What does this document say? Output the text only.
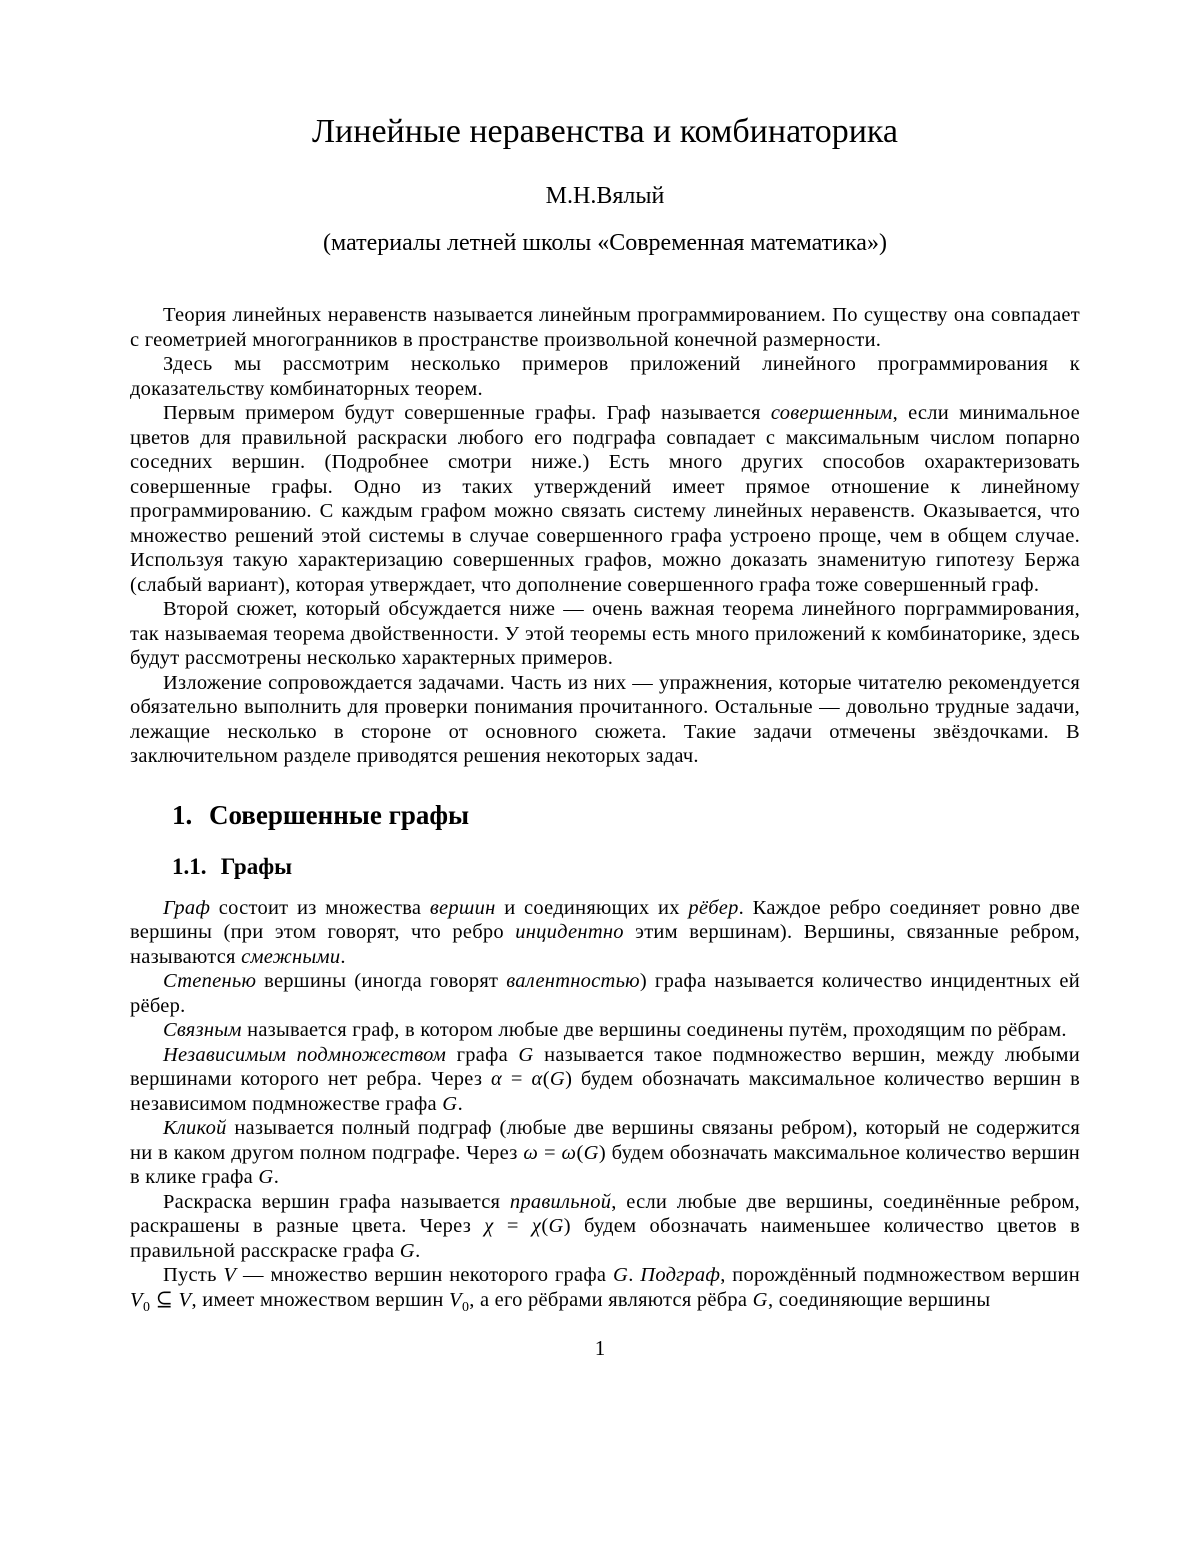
Линейные неравенства и комбинаторика
М.Н.Вялый
(материалы летней школы «Современная математика»)

Теория линейных неравенств называется линейным программированием. По существу она совпадает с геометрией многогранников в пространстве произвольной конечной размерности.

Здесь мы рассмотрим несколько примеров приложений линейного программирования к доказательству комбинаторных теорем.

Первым примером будут совершенные графы. Граф называется совершенным, если минимальное цветов для правильной раскраски любого его подграфа совпадает с максимальным числом попарно соседних вершин. (Подробнее смотри ниже.) Есть много других способов охарактеризовать совершенные графы. Одно из таких утверждений имеет прямое отношение к линейному программированию. С каждым графом можно связать систему линейных неравенств. Оказывается, что множество решений этой системы в случае совершенного графа устроено проще, чем в общем случае. Используя такую характеризацию совершенных графов, можно доказать знаменитую гипотезу Бержа (слабый вариант), которая утверждает, что дополнение совершенного графа тоже совершенный граф.

Второй сюжет, который обсуждается ниже — очень важная теорема линейного порграммирования, так называемая теорема двойственности. У этой теоремы есть много приложений к комбинаторике, здесь будут рассмотрены несколько характерных примеров.

Изложение сопровождается задачами. Часть из них — упражнения, которые читателю рекомендуется обязательно выполнить для проверки понимания прочитанного. Остальные — довольно трудные задачи, лежащие несколько в стороне от основного сюжета. Такие задачи отмечены звёздочками. В заключительном разделе приводятся решения некоторых задач.

1. Совершенные графы
1.1. Графы

Граф состоит из множества вершин и соединяющих их рёбер. Каждое ребро соединяет ровно две вершины (при этом говорят, что ребро инцидентно этим вершинам). Вершины, связанные ребром, называются смежными.

Степенью вершины (иногда говорят валентностью) графа называется количество инцидентных ей рёбер.

Связным называется граф, в котором любые две вершины соединены путём, проходящим по рёбрам.

Независимым подмножеством графа G называется такое подмножество вершин, между любыми вершинами которого нет ребра. Через α = α(G) будем обозначать максимальное количество вершин в независимом подмножестве графа G.

Кликой называется полный подграф (любые две вершины связаны ребром), который не содержится ни в каком другом полном подграфе. Через ω = ω(G) будем обозначать максимальное количество вершин в клике графа G.

Раскраска вершин графа называется правильной, если любые две вершины, соединённые ребром, раскрашены в разные цвета. Через χ = χ(G) будем обозначать наименьшее количество цветов в правильной расскраске графа G.

Пусть V — множество вершин некоторого графа G. Подграф, порождённый подмножеством вершин $V_0$ ⊆ V, имеет множеством вершин $V_0$, а его рёбрами являются рёбра G, соединяющие вершины

1
